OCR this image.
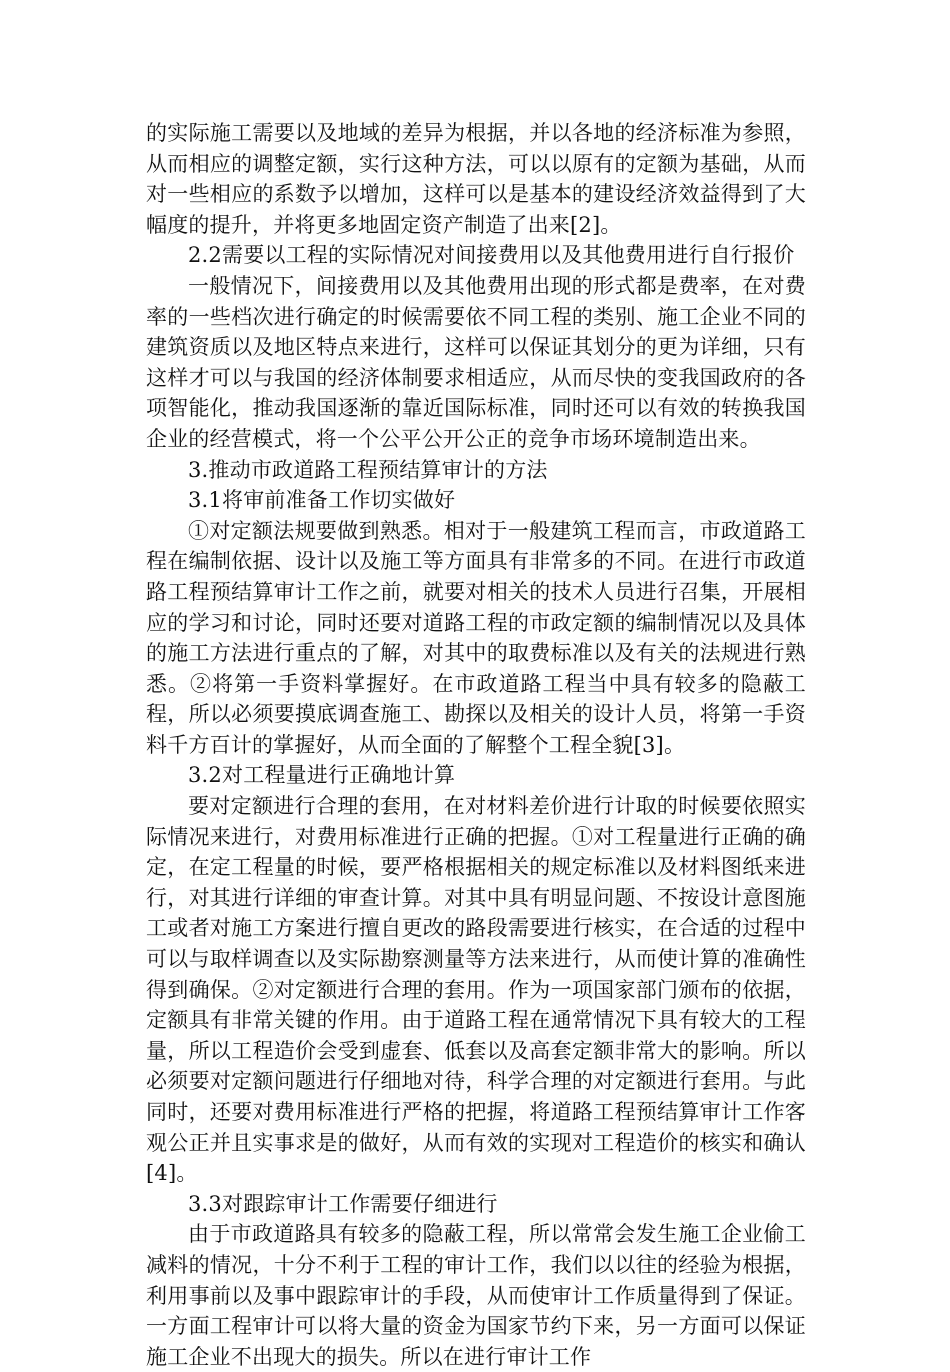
的实际施工需要以及地域的差异为根据，并以各地的经济标准为参照，从而相应的调整定额，实行这种方法，可以以原有的定额为基础，从而对一些相应的系数予以增加，这样可以是基本的建设经济效益得到了大幅度的提升，并将更多地固定资产制造了出来[2]。

2.2需要以工程的实际情况对间接费用以及其他费用进行自行报价

一般情况下，间接费用以及其他费用出现的形式都是费率，在对费率的一些档次进行确定的时候需要依不同工程的类别、施工企业不同的建筑资质以及地区特点来进行，这样可以保证其划分的更为详细，只有这样才可以与我国的经济体制要求相适应，从而尽快的变我国政府的各项智能化，推动我国逐渐的靠近国际标准，同时还可以有效的转换我国企业的经营模式，将一个公平公开公正的竞争市场环境制造出来。

3.推动市政道路工程预结算审计的方法

3.1将审前准备工作切实做好

①对定额法规要做到熟悉。相对于一般建筑工程而言，市政道路工程在编制依据、设计以及施工等方面具有非常多的不同。在进行市政道路工程预结算审计工作之前，就要对相关的技术人员进行召集，开展相应的学习和讨论，同时还要对道路工程的市政定额的编制情况以及具体的施工方法进行重点的了解，对其中的取费标准以及有关的法规进行熟悉。②将第一手资料掌握好。在市政道路工程当中具有较多的隐蔽工程，所以必须要摸底调查施工、勘探以及相关的设计人员，将第一手资料千方百计的掌握好，从而全面的了解整个工程全貌[3]。

3.2对工程量进行正确地计算

要对定额进行合理的套用，在对材料差价进行计取的时候要依照实际情况来进行，对费用标准进行正确的把握。①对工程量进行正确的确定，在定工程量的时候，要严格根据相关的规定标准以及材料图纸来进行，对其进行详细的审查计算。对其中具有明显问题、不按设计意图施工或者对施工方案进行擅自更改的路段需要进行核实，在合适的过程中可以与取样调查以及实际勘察测量等方法来进行，从而使计算的准确性得到确保。②对定额进行合理的套用。作为一项国家部门颁布的依据，定额具有非常关键的作用。由于道路工程在通常情况下具有较大的工程量，所以工程造价会受到虚套、低套以及高套定额非常大的影响。所以必须要对定额问题进行仔细地对待，科学合理的对定额进行套用。与此同时，还要对费用标准进行严格的把握，将道路工程预结算审计工作客观公正并且实事求是的做好，从而有效的实现对工程造价的核实和确认[4]。

3.3对跟踪审计工作需要仔细进行

由于市政道路具有较多的隐蔽工程，所以常常会发生施工企业偷工减料的情况，十分不利于工程的审计工作，我们以以往的经验为根据，利用事前以及事中跟踪审计的手段，从而使审计工作质量得到了保证。一方面工程审计可以将大量的资金为国家节约下来，另一方面可以保证施工企业不出现大的损失。所以在进行审计工作
